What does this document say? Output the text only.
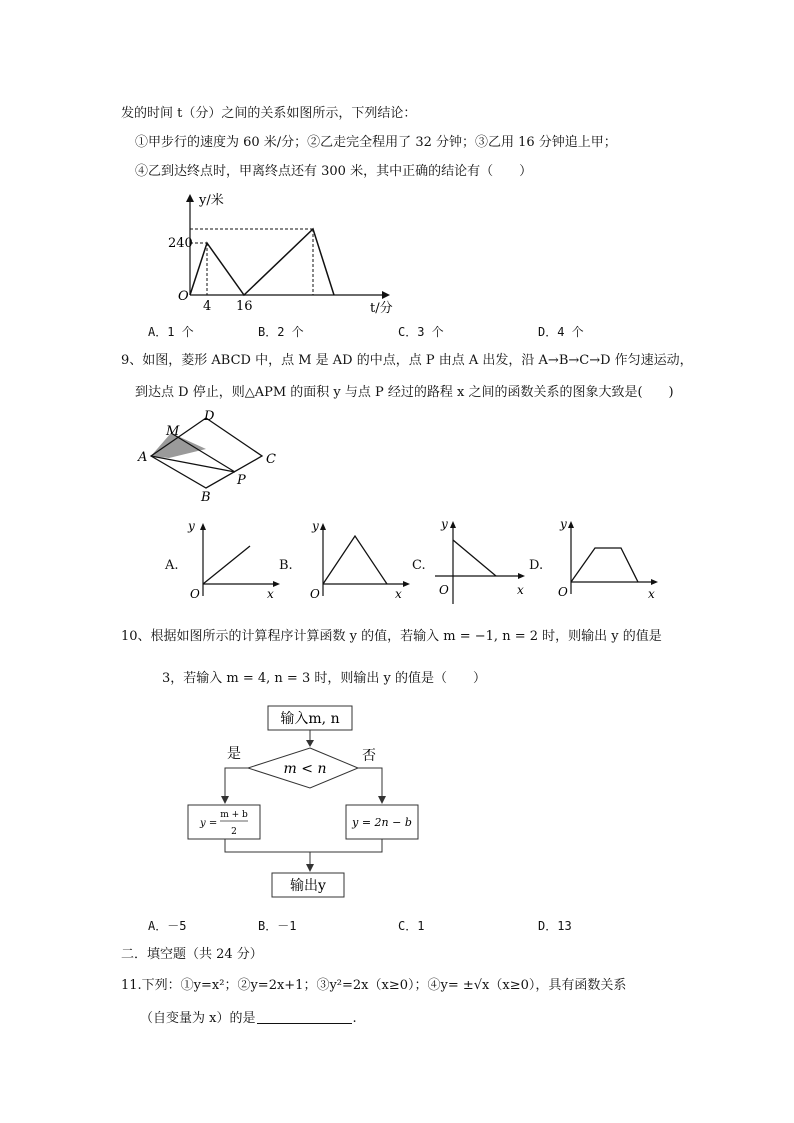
发的时间 t（分）之间的关系如图所示，下列结论：
①甲步行的速度为 60 米/分；②乙走完全程用了 32 分钟；③乙用 16 分钟追上甲；
④乙到达终点时，甲离终点还有 300 米，其中正确的结论有（　　）
y/米
240
O
4 16	t/分
A．1 个	B．2 个	C．3 个	D．4 个
9、如图，菱形 ABCD 中，点 M 是 AD 的中点，点 P 由点 A 出发，沿 A→B→C→D 作匀速运动，
到达点 D 停止，则△APM 的面积 y 与点 P 经过的路程 x 之间的函数关系的图象大致是(　　)
A
B
C
D
M
P
A.
y
O	x
B.
y
O	x
C.
y
O	x
D.
y
O	x
10、根据如图所示的计算程序计算函数 y 的值，若输入 m = −1, n = 2 时，则输出 y 的值是
3，若输入 m = 4, n = 3 时，则输出 y 的值是（　　）
输入m, n
m < n
是	否
y =
m + b
2
y = 2n − b
输出y
A．－5	B．－1	C．1	D．13
二．填空题（共 24 分）
11.下列：①y=x²；②y=2x+1；③y²=2x（x≥0）；④y= ±√x（x≥0），具有函数关系
（自变量为 x）的是	.
